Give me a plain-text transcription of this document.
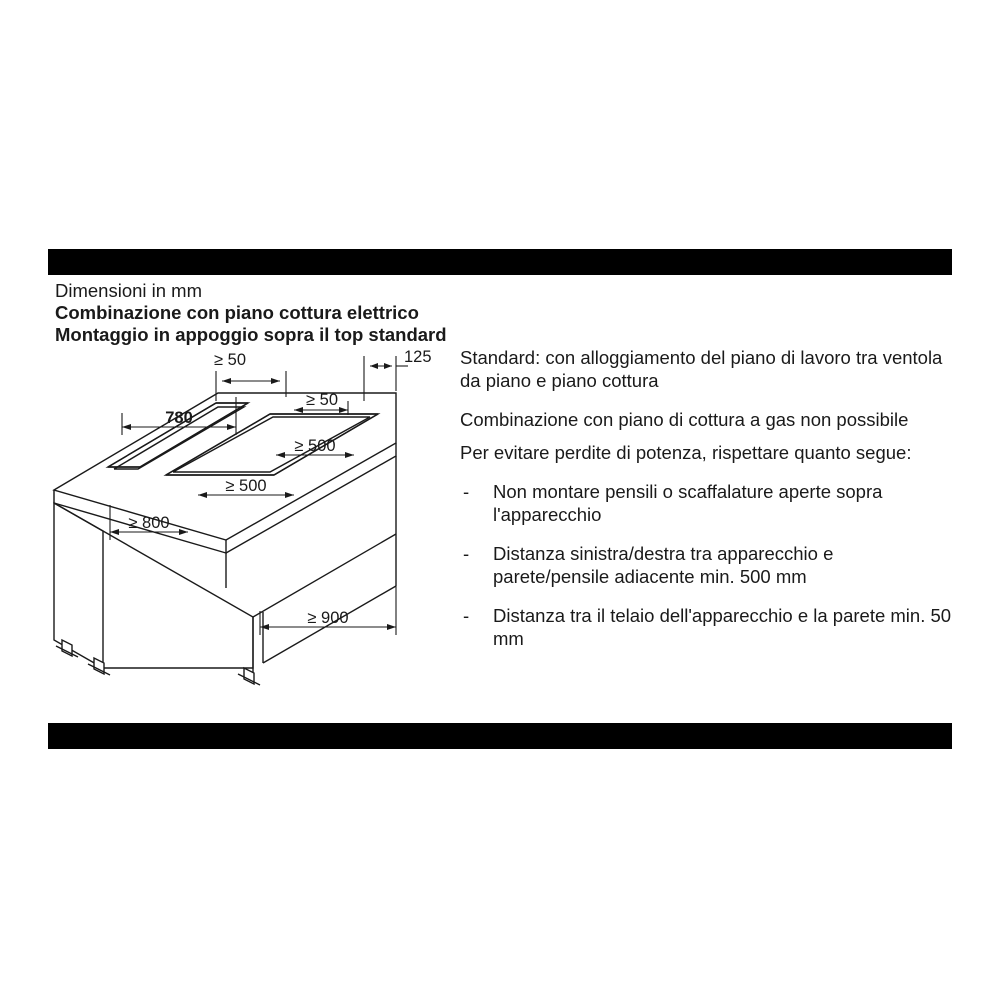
Dimensioni in mm
Combinazione con piano cottura elettrico
Montaggio in appoggio sopra il top standard
125
≥ 50
≥ 50
780
≥ 500
≥ 500
≥ 800
≥ 900
Standard: con alloggiamento del piano di lavoro tra ventola da piano e piano cottura
Combinazione con piano di cottura a gas non possibile
Per evitare perdite di potenza, rispettare quanto segue:
- Non montare pensili o scaffalature aperte sopra l'apparecchio
- Distanza sinistra/destra tra apparecchio e parete/pensile adiacente min. 500 mm
- Distanza tra il telaio dell'apparecchio e la parete min. 50 mm
